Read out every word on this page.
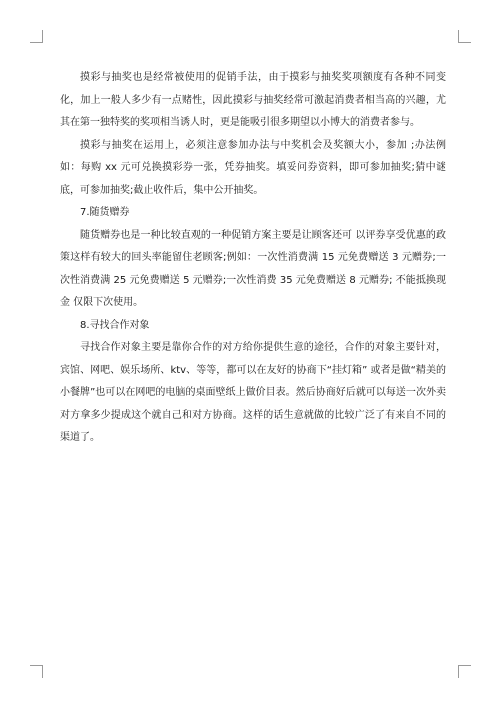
摸彩与抽奖也是经常被使用的促销手法，由于摸彩与抽奖奖项额度有各种不同变化，加上一般人多少有一点赌性，因此摸彩与抽奖经常可激起消费者相当高的兴趣，尤其在第一独特奖的奖项相当诱人时，更是能吸引很多期望以小博大的消费者参与。

摸彩与抽奖在运用上，必须注意参加办法与中奖机会及奖额大小，参加 ;办法例如：每购 xx 元可兑换摸彩券一张，凭券抽奖。填妥问券资料，即可参加抽奖;猜中谜底，可参加抽奖;截止收件后，集中公开抽奖。

7.随货赠券

随货赠券也是一种比较直观的一种促销方案主要是让顾客还可 以评券享受优惠的政策这样有较大的回头率能留住老顾客;例如：一次性消费满 15 元免费赠送 3 元赠券;一次性消费满 25 元免费赠送 5 元赠券;一次性消费 35 元免费赠送 8 元赠券; 不能抵换现金 仅限下次使用。

8.寻找合作对象

寻找合作对象主要是靠你合作的对方给你提供生意的途径，合作的对象主要针对，宾馆、网吧、娱乐场所、ktv、等等，都可以在友好的协商下“挂灯箱” 或者是做“精美的小餐牌”也可以在网吧的电脑的桌面壁纸上做价目表。然后协商好后就可以每送一次外卖对方拿多少提成这个就自己和对方协商。这样的话生意就做的比较广泛了有来自不同的渠道了。
